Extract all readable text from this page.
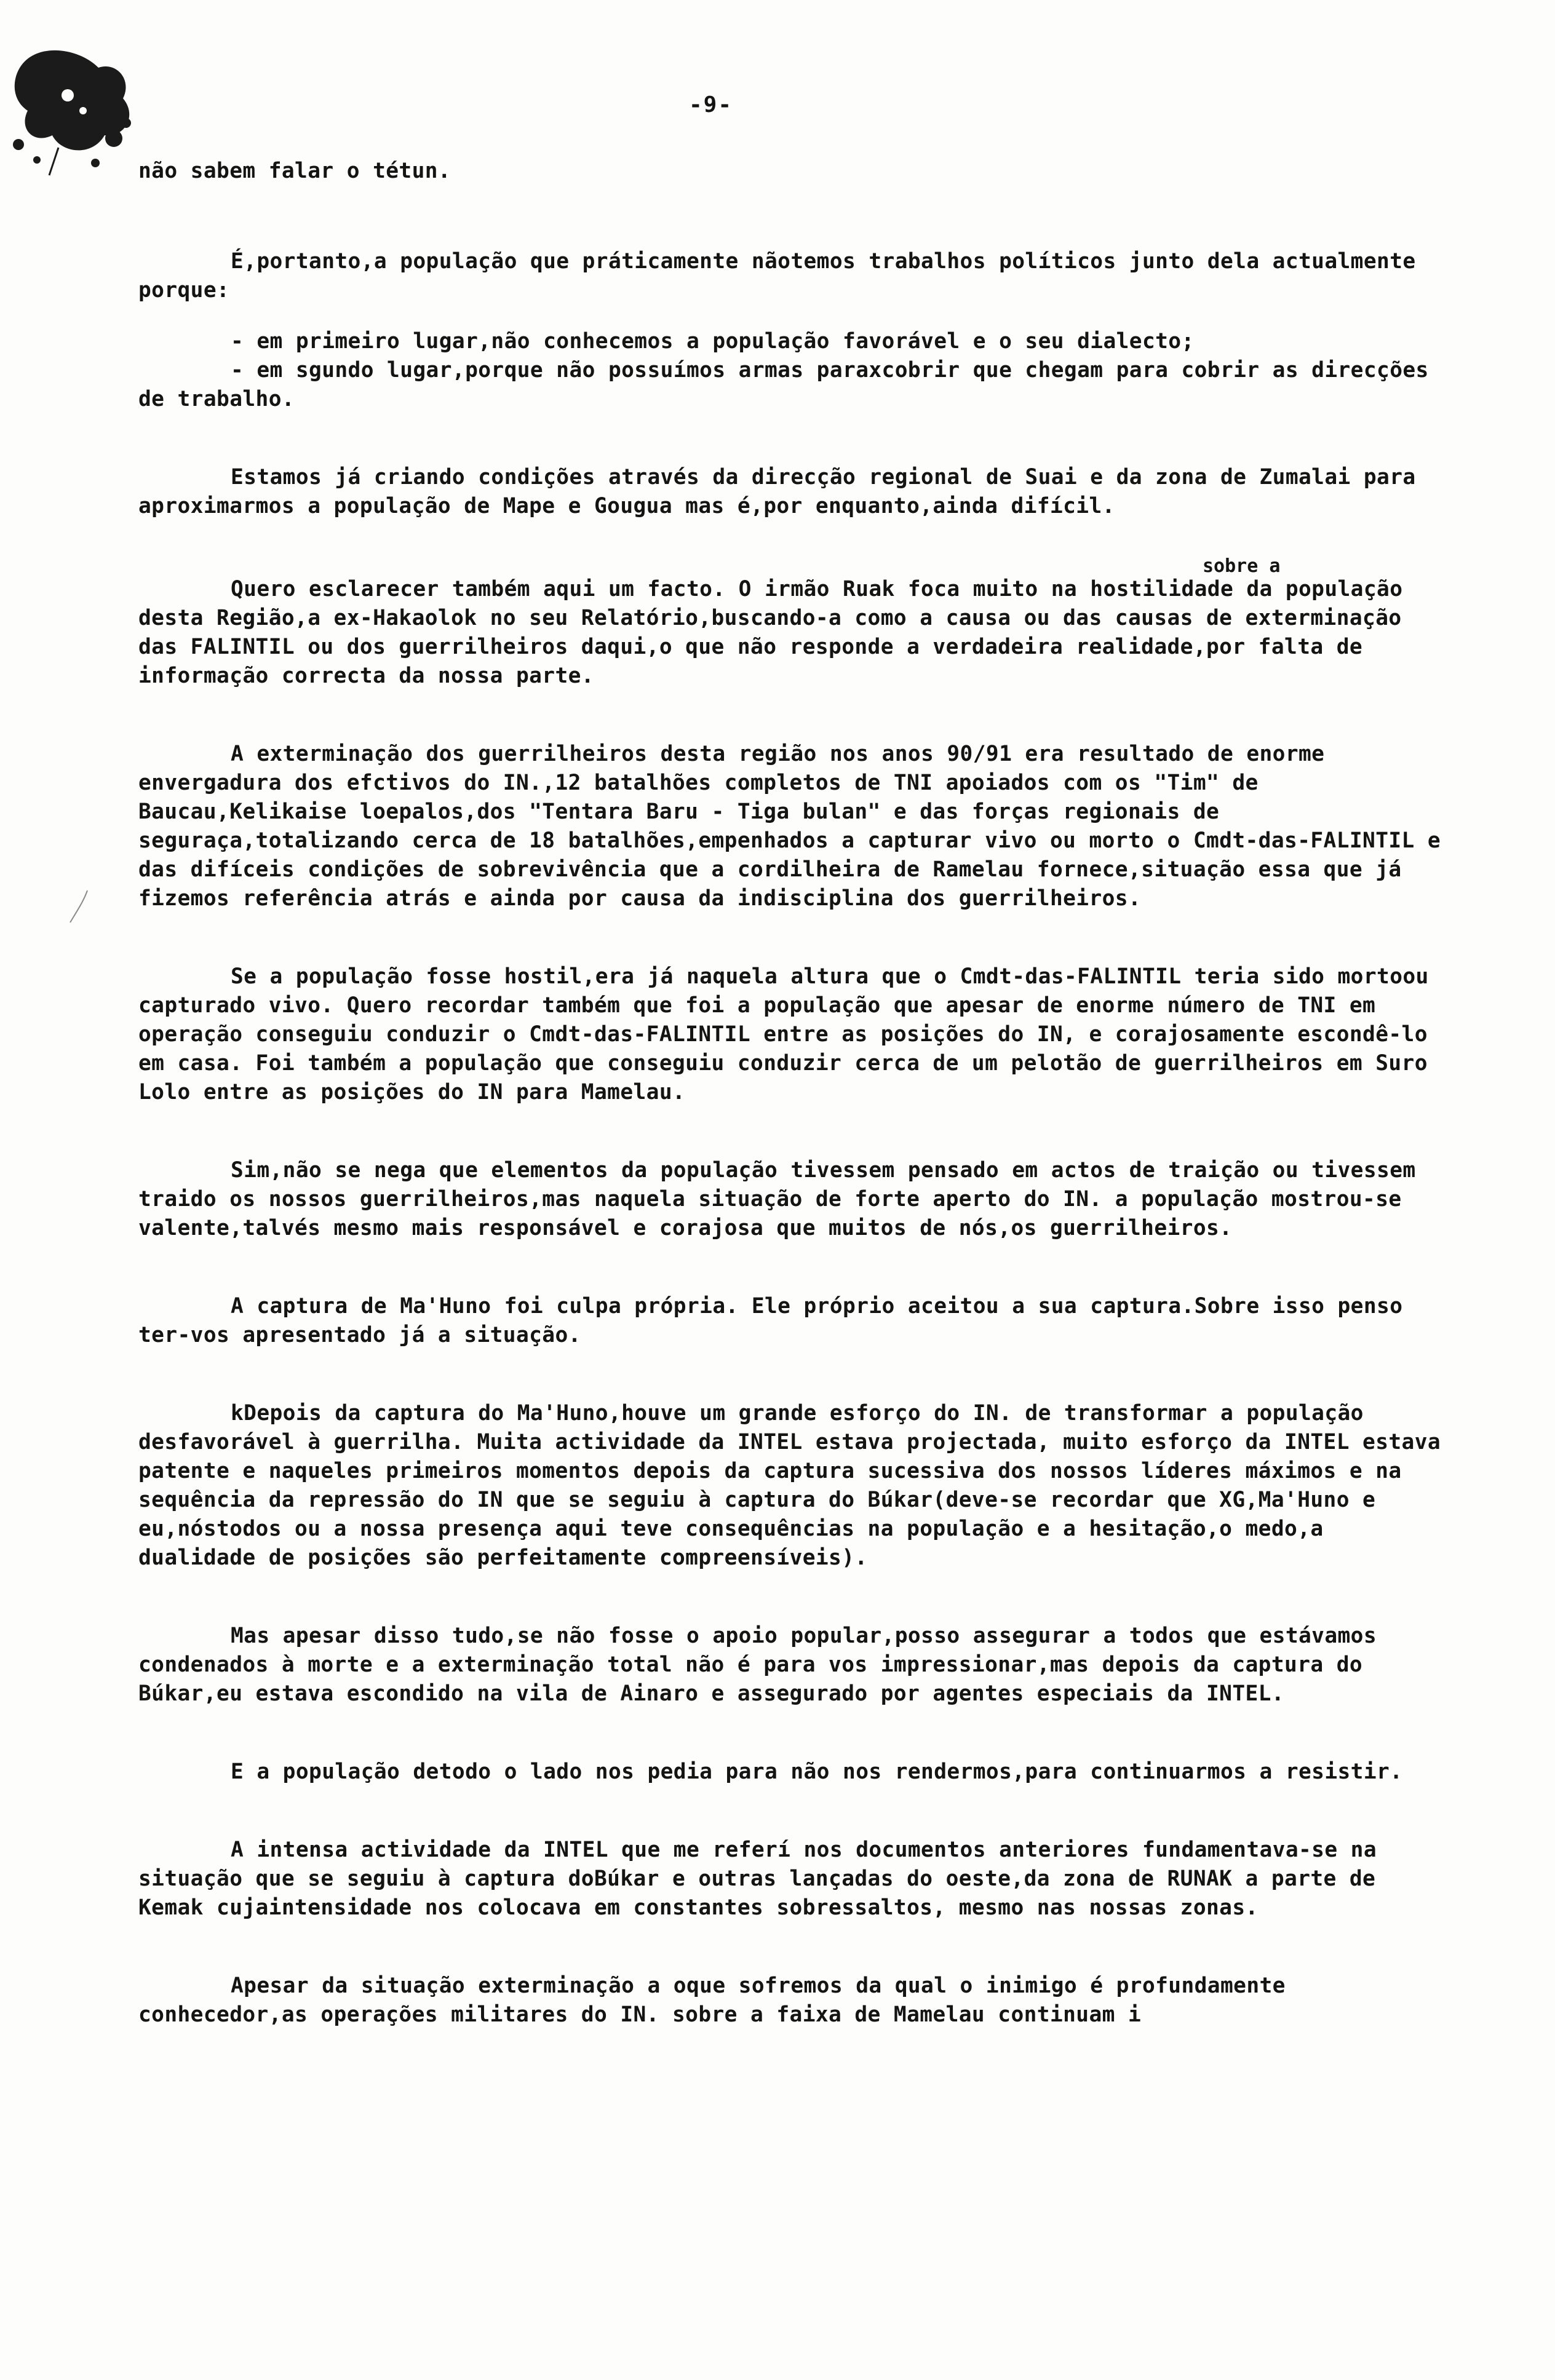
-9-

não sabem falar o tétun.

É,portanto,a população que práticamente nãotemos trabalhos políticos junto dela actualmente porque:

- em primeiro lugar,não conhecemos a população favorável e o seu dialecto;

- em sgundo lugar,porque não possuímos armas paraxcobrir que chegam para cobrir as direcções de trabalho.

Estamos já criando condições através da direcção regional de Suai e da zona de Zumalai para aproximarmos a população de Mape e Gougua mas é,por enquanto,ainda difícil.

sobre a

Quero esclarecer também aqui um facto. O irmão Ruak foca muito na hostilidade da população desta Região,a ex-Hakaolok no seu Relatório,buscando-a como a causa ou das causas de exterminação das FALINTIL ou dos guerrilheiros daqui,o que não responde a verdadeira realidade,por falta de informação correcta da nossa parte.

A exterminação dos guerrilheiros desta região nos anos 90/91 era resultado de enorme envergadura dos efctivos do IN.,12 batalhões completos de TNI apoiados com os "Tim" de Baucau,Kelikaise loepalos,dos "Tentara Baru - Tiga bulan" e das forças regionais de seguraça,totalizando cerca de 18 batalhões,empenhados a capturar vivo ou morto o Cmdt-das-FALINTIL e das difíceis condições de sobrevivência que a cordilheira de Ramelau fornece,situação essa que já fizemos referência atrás e ainda por causa da indisciplina dos guerrilheiros.

Se a população fosse hostil,era já naquela altura que o Cmdt-das-FALINTIL teria sido mortoou capturado vivo. Quero recordar também que foi a população que apesar de enorme número de TNI em operação conseguiu conduzir o Cmdt-das-FALINTIL entre as posições do IN, e corajosamente escondê-lo em casa. Foi também a população que conseguiu conduzir cerca de um pelotão de guerrilheiros em Suro Lolo entre as posições do IN para Mamelau.

Sim,não se nega que elementos da população tivessem pensado em actos de traição ou tivessem traido os nossos guerrilheiros,mas naquela situação de forte aperto do IN. a população mostrou-se valente,talvés mesmo mais responsável e corajosa que muitos de nós,os guerrilheiros.

A captura de Ma'Huno foi culpa própria. Ele próprio aceitou a sua captura.Sobre isso penso ter-vos apresentado já a situação.

kDepois da captura do Ma'Huno,houve um grande esforço do IN. de transformar a população desfavorável à guerrilha. Muita actividade da INTEL estava projectada, muito esforço da INTEL estava patente e naqueles primeiros momentos depois da captura sucessiva dos nossos líderes máximos e na sequência da repressão do IN que se seguiu à captura do Búkar(deve-se recordar que XG,Ma'Huno e eu,nóstodos ou a nossa presença aqui teve consequências na população e a hesitação,o medo,a dualidade de posições são perfeitamente compreensíveis).

Mas apesar disso tudo,se não fosse o apoio popular,posso assegurar a todos que estávamos condenados à morte e a exterminação total não é para vos impressionar,mas depois da captura do Búkar,eu estava escondido na vila de Ainaro e assegurado por agentes especiais da INTEL.

E a população detodo o lado nos pedia para não nos rendermos,para continuarmos a resistir.

A intensa actividade da INTEL que me referí nos documentos anteriores fundamentava-se na situação que se seguiu à captura doBúkar e outras lançadas do oeste,da zona de RUNAK a parte de Kemak cujaintensidade nos colocava em constantes sobressaltos, mesmo nas nossas zonas.

Apesar da situação exterminação a oque sofremos da qual o inimigo é profundamente conhecedor,as operações militares do IN. sobre a faixa de Mamelau continuam i
